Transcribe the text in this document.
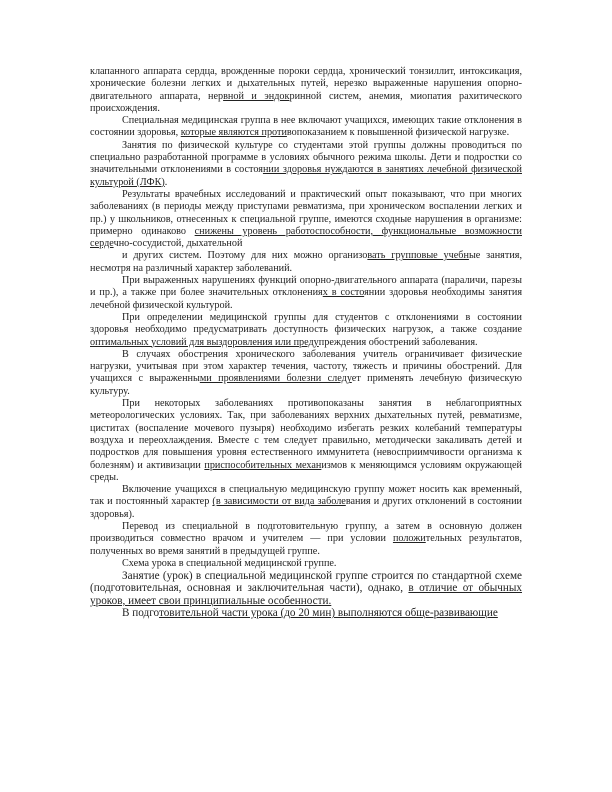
клапанного аппарата сердца, врожденные пороки сердца, хронический тонзиллит, интоксикация, хронические болезни легких и дыхательных путей, нерезко выраженные нарушения опорно-двигательного аппарата, нервной и эндокринной систем, анемия, миопатия рахитического происхождения.

Специальная медицинская группа в нее включают учащихся, имеющих такие отклонения в состоянии здоровья, которые являются противопоказанием к повышенной физической нагрузке.

Занятия по физической культуре со студентами этой группы должны проводиться по специально разработанной программе в условиях обычного режима школы. Дети и подростки со значительными отклонениями в состоянии здоровья нуждаются в занятиях лечебной физической культурой (ЛФК).

Результаты врачебных исследований и практический опыт показывают, что при многих заболеваниях (в периоды между приступами ревматизма, при хроническом воспалении легких и пр.) у школьников, отнесенных к специальной группе, имеются сходные нарушения в организме: примерно одинаково снижены уровень работоспособности, функциональные возможности сердечно-сосудистой, дыхательной

и других систем. Поэтому для них можно организовать групповые учебные занятия, несмотря на различный характер заболеваний.

При выраженных нарушениях функций опорно-двигательного аппарата (параличи, парезы и пр.), а также при более значительных отклонениях в состоянии здоровья необходимы занятия лечебной физической культурой.

При определении медицинской группы для студентов с отклонениями в состоянии здоровья необходимо предусматривать доступность физических нагрузок, а также создание оптимальных условий для выздоровления или предупреждения обострений заболевания.

В случаях обострения хронического заболевания учитель ограничивает физические нагрузки, учитывая при этом характер течения, частоту, тяжесть и причины обострений. Для учащихся с выраженными проявлениями болезни следует применять лечебную физическую культуру.

При некоторых заболеваниях противопоказаны занятия в неблагоприятных метеорологических условиях. Так, при заболеваниях верхних дыхательных путей, ревматизме, циститах (воспаление мочевого пузыря) необходимо избегать резких колебаний температуры воздуха и переохлаждения. Вместе с тем следует правильно, методически закаливать детей и подростков для повышения уровня естественного иммунитета (невосприимчивости организма к болезням) и активизации приспособительных механизмов к меняющимся условиям окружающей среды.

Включение учащихся в специальную медицинскую группу может носить как временный, так и постоянный характер (в зависимости от вида заболевания и других отклонений в состоянии здоровья).

Перевод из специальной в подготовительную группу, а затем в основную должен производиться совместно врачом и учителем — при условии положительных результатов, полученных во время занятий в предыдущей группе.

Схема урока в специальной медицинской группе.

Занятие (урок) в специальной медицинской группе строится по стандартной схеме (подготовительная, основная и заключительная части), однако, в отличие от обычных уроков, имеет свои принципиальные особенности.

В подготовительной части урока (до 20 мин) выполняются обще-развивающие
